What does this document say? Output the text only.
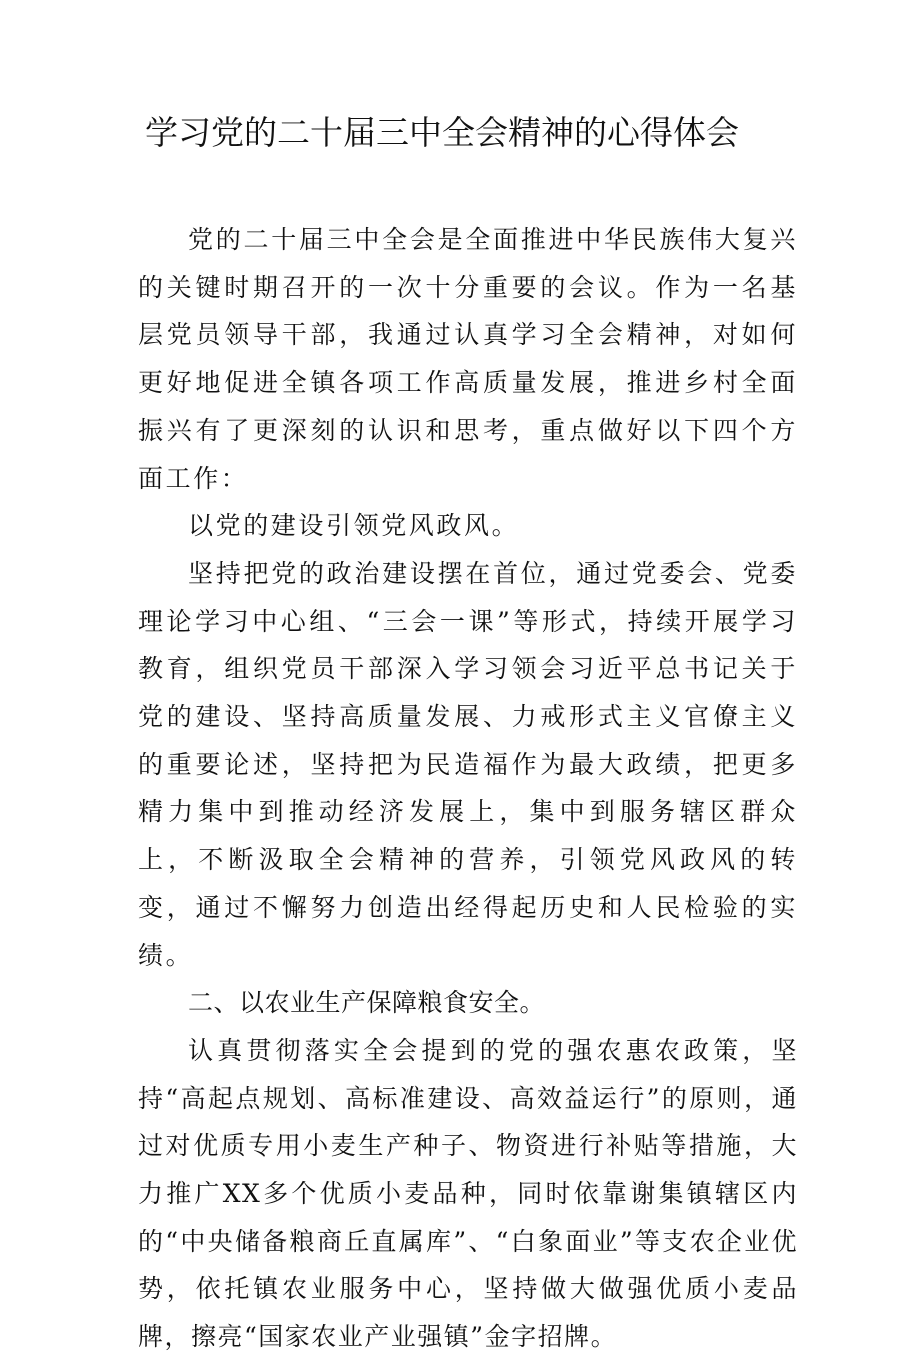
学习党的二十届三中全会精神的心得体会

党的二十届三中全会是全面推进中华民族伟大复兴的关键时期召开的一次十分重要的会议。作为一名基层党员领导干部，我通过认真学习全会精神，对如何更好地促进全镇各项工作高质量发展，推进乡村全面振兴有了更深刻的认识和思考，重点做好以下四个方面工作：

以党的建设引领党风政风。

坚持把党的政治建设摆在首位，通过党委会、党委理论学习中心组、“三会一课”等形式，持续开展学习教育，组织党员干部深入学习领会习近平总书记关于党的建设、坚持高质量发展、力戒形式主义官僚主义的重要论述，坚持把为民造福作为最大政绩，把更多精力集中到推动经济发展上，集中到服务辖区群众上，不断汲取全会精神的营养，引领党风政风的转变，通过不懈努力创造出经得起历史和人民检验的实绩。

二、以农业生产保障粮食安全。

认真贯彻落实全会提到的党的强农惠农政策，坚持“高起点规划、高标准建设、高效益运行”的原则，通过对优质专用小麦生产种子、物资进行补贴等措施，大力推广XX多个优质小麦品种，同时依靠谢集镇辖区内的“中央储备粮商丘直属库”、“白象面业”等支农企业优势，依托镇农业服务中心，坚持做大做强优质小麦品牌，擦亮“国家农业产业强镇”金字招牌。
